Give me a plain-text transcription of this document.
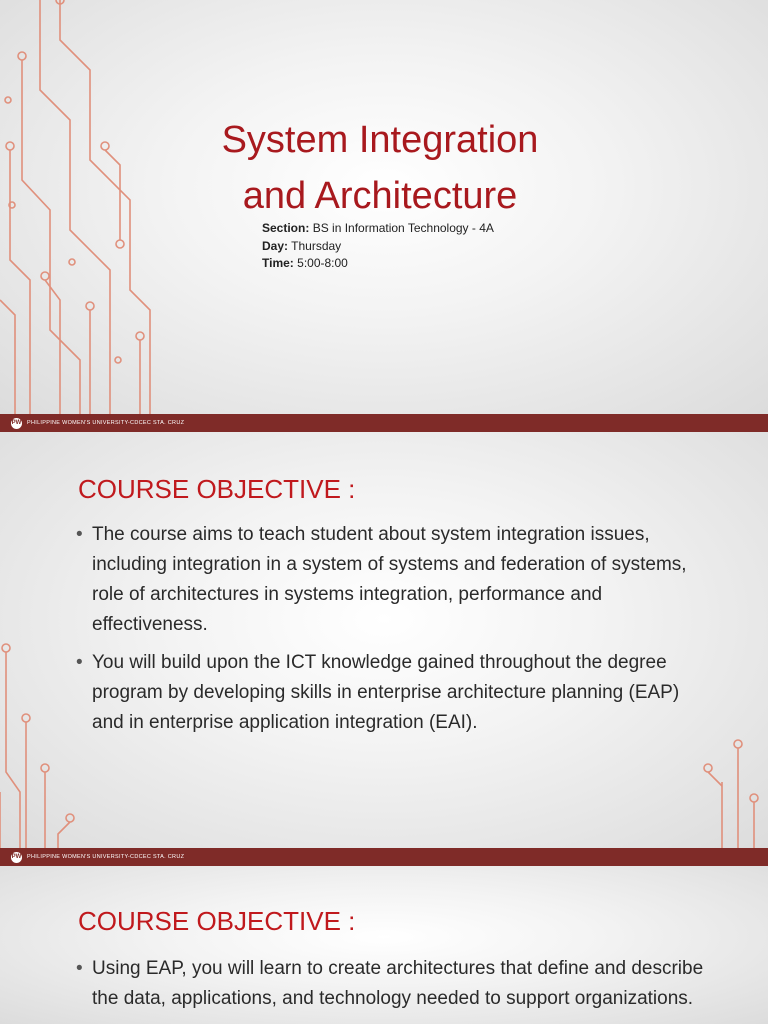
System Integration
and Architecture
Section: BS in Information Technology - 4A
Day: Thursday
Time: 5:00-8:00
PW PHILIPPINE WOMEN'S UNIVERSITY-CDCEC STA. CRUZ
COURSE OBJECTIVE :
• The course aims to teach student about system integration issues, including integration in a system of systems and federation of systems, role of architectures in systems integration, performance and effectiveness.
• You will build upon the ICT knowledge gained throughout the degree program by developing skills in enterprise architecture planning (EAP) and in enterprise application integration (EAI).
PW PHILIPPINE WOMEN'S UNIVERSITY-CDCEC STA. CRUZ
COURSE OBJECTIVE :
• Using EAP, you will learn to create architectures that define and describe the data, applications, and technology needed to support organizations.
